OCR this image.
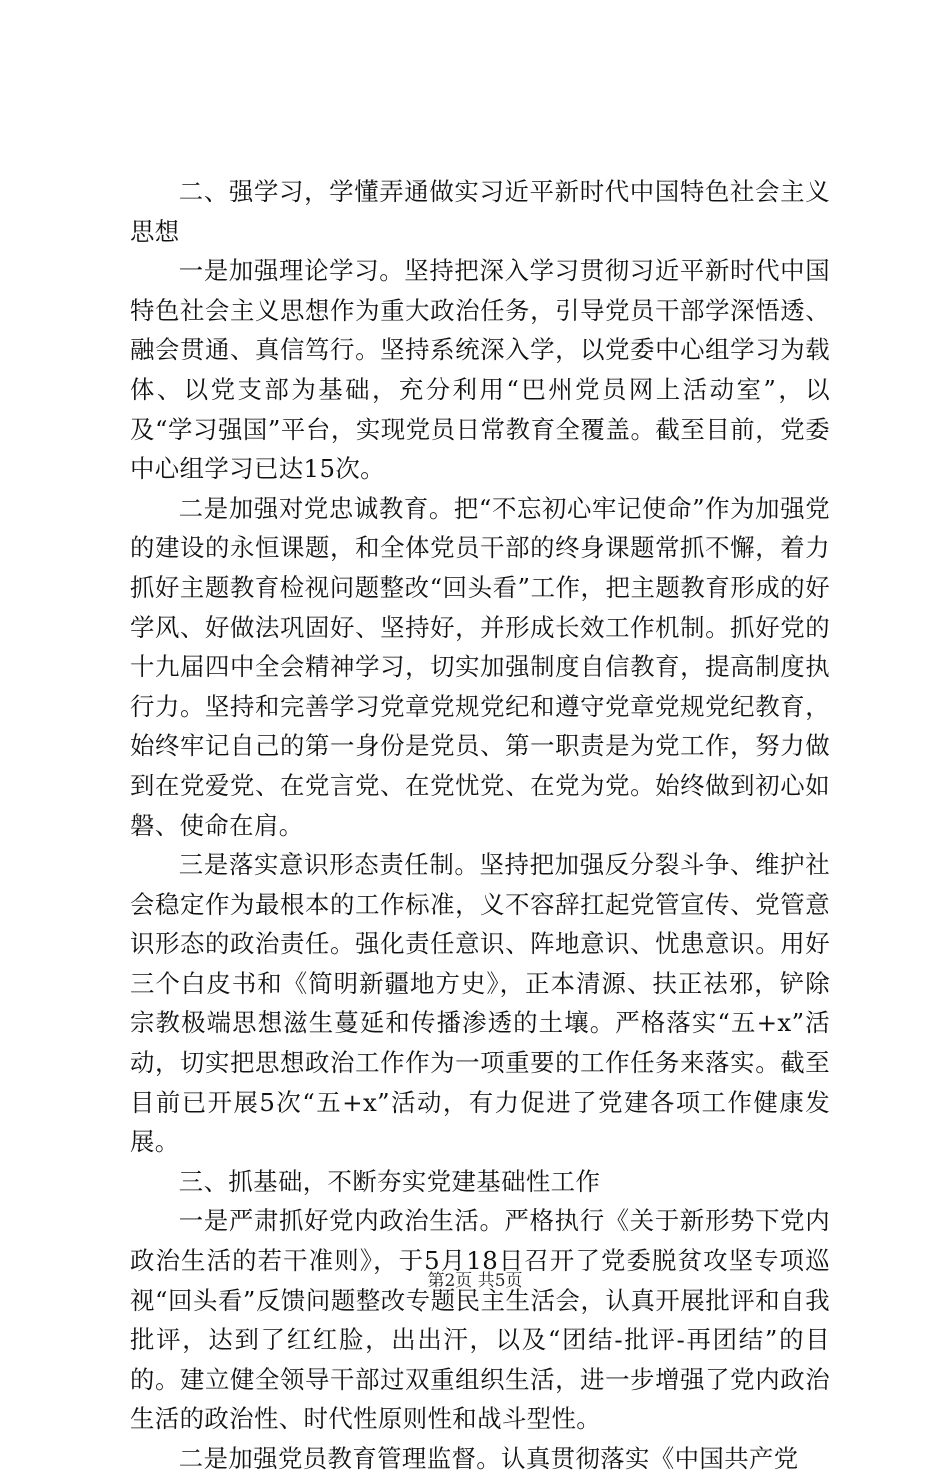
二、强学习，学懂弄通做实习近平新时代中国特色社会主义思想

一是加强理论学习。坚持把深入学习贯彻习近平新时代中国特色社会主义思想作为重大政治任务，引导党员干部学深悟透、融会贯通、真信笃行。坚持系统深入学，以党委中心组学习为载体、以党支部为基础，充分利用“巴州党员网上活动室”，以及“学习强国”平台，实现党员日常教育全覆盖。截至目前，党委中心组学习已达15次。

二是加强对党忠诚教育。把“不忘初心牢记使命”作为加强党的建设的永恒课题，和全体党员干部的终身课题常抓不懈，着力抓好主题教育检视问题整改“回头看”工作，把主题教育形成的好学风、好做法巩固好、坚持好，并形成长效工作机制。抓好党的十九届四中全会精神学习，切实加强制度自信教育，提高制度执行力。坚持和完善学习党章党规党纪和遵守党章党规党纪教育，始终牢记自己的第一身份是党员、第一职责是为党工作，努力做到在党爱党、在党言党、在党忧党、在党为党。始终做到初心如磐、使命在肩。

三是落实意识形态责任制。坚持把加强反分裂斗争、维护社会稳定作为最根本的工作标准，义不容辞扛起党管宣传、党管意识形态的政治责任。强化责任意识、阵地意识、忧患意识。用好三个白皮书和《简明新疆地方史》，正本清源、扶正祛邪，铲除宗教极端思想滋生蔓延和传播渗透的土壤。严格落实“五+x”活动，切实把思想政治工作作为一项重要的工作任务来落实。截至目前已开展5次“五+x”活动，有力促进了党建各项工作健康发展。

三、抓基础，不断夯实党建基础性工作

一是严肃抓好党内政治生活。严格执行《关于新形势下党内政治生活的若干准则》，于5月18日召开了党委脱贫攻坚专项巡视“回头看”反馈问题整改专题民主生活会，认真开展批评和自我批评，达到了红红脸，出出汗，以及“团结-批评-再团结”的目的。建立健全领导干部过双重组织生活，进一步增强了党内政治生活的政治性、时代性原则性和战斗型性。

二是加强党员教育管理监督。认真贯彻落实《中国共产党

第2页 共5页
